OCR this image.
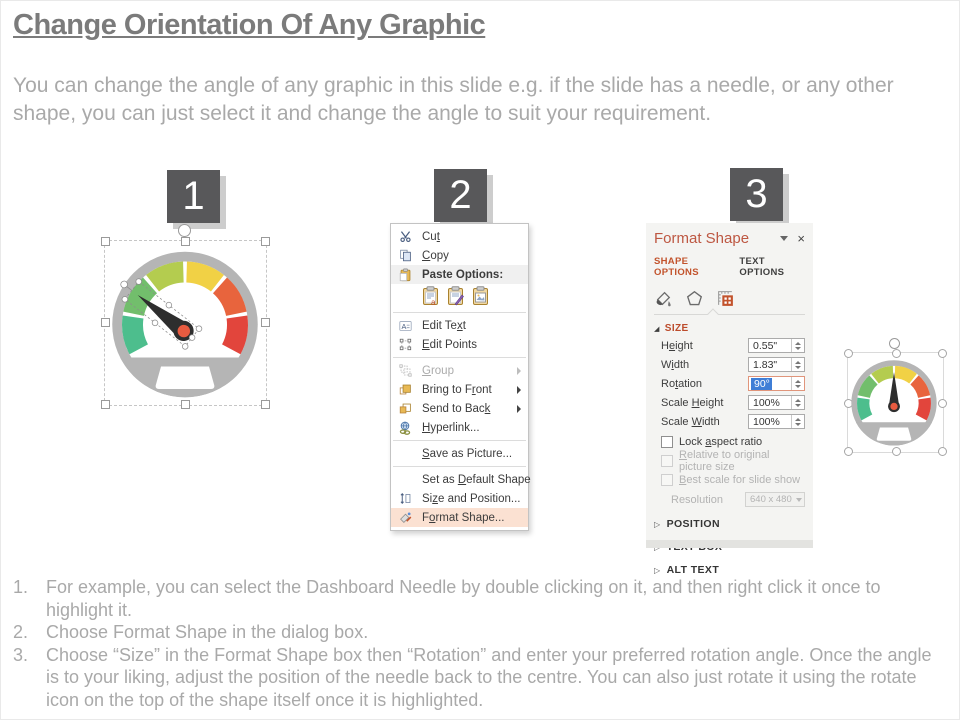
Change Orientation Of Any Graphic
You can change the angle of any graphic in this slide e.g. if the slide has a needle, or any other shape, you can just select it and change the angle to suit your requirement.
1	2	3
Cut
Copy
Paste Options:
a
A Edit Text
Edit Points
Group
Bring to Front
Send to Back
Hyperlink...
Save as Picture...
Set as Default Shape
Size and Position...
Format Shape...
Format Shape	×
SHAPE OPTIONS
TEXT OPTIONS
◢ SIZE
Height	0.55"
Width	1.83"
Rotation	90°
Scale Height	100%
Scale Width	100%
Lock aspect ratio
Relative to original picture size
Best scale for slide show
Resolution	640 x 480
▷ POSITION
▷ ALT TEXT
1. For example, you can select the Dashboard Needle by double clicking on it, and then right click it once to highlight it.
2. Choose Format Shape in the dialog box.
3. Choose “Size” in the Format Shape box then “Rotation” and enter your preferred rotation angle. Once the angle is to your liking, adjust the position of the needle back to the centre. You can also just rotate it using the rotate icon on the top of the shape itself once it is highlighted.
